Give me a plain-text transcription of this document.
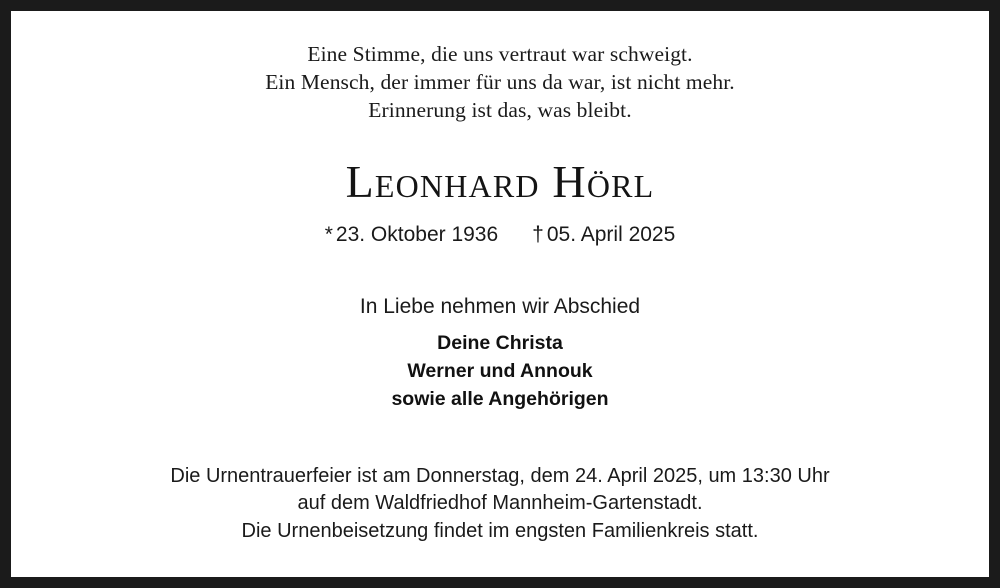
Eine Stimme, die uns vertraut war schweigt.
Ein Mensch, der immer für uns da war, ist nicht mehr.
Erinnerung ist das, was bleibt.
Leonhard Hörl
* 23. Oktober 1936 † 05. April 2025
In Liebe nehmen wir Abschied
Deine Christa
Werner und Annouk
sowie alle Angehörigen
Die Urnentrauerfeier ist am Donnerstag, dem 24. April 2025, um 13:30 Uhr
auf dem Waldfriedhof Mannheim-Gartenstadt.
Die Urnenbeisetzung findet im engsten Familienkreis statt.
